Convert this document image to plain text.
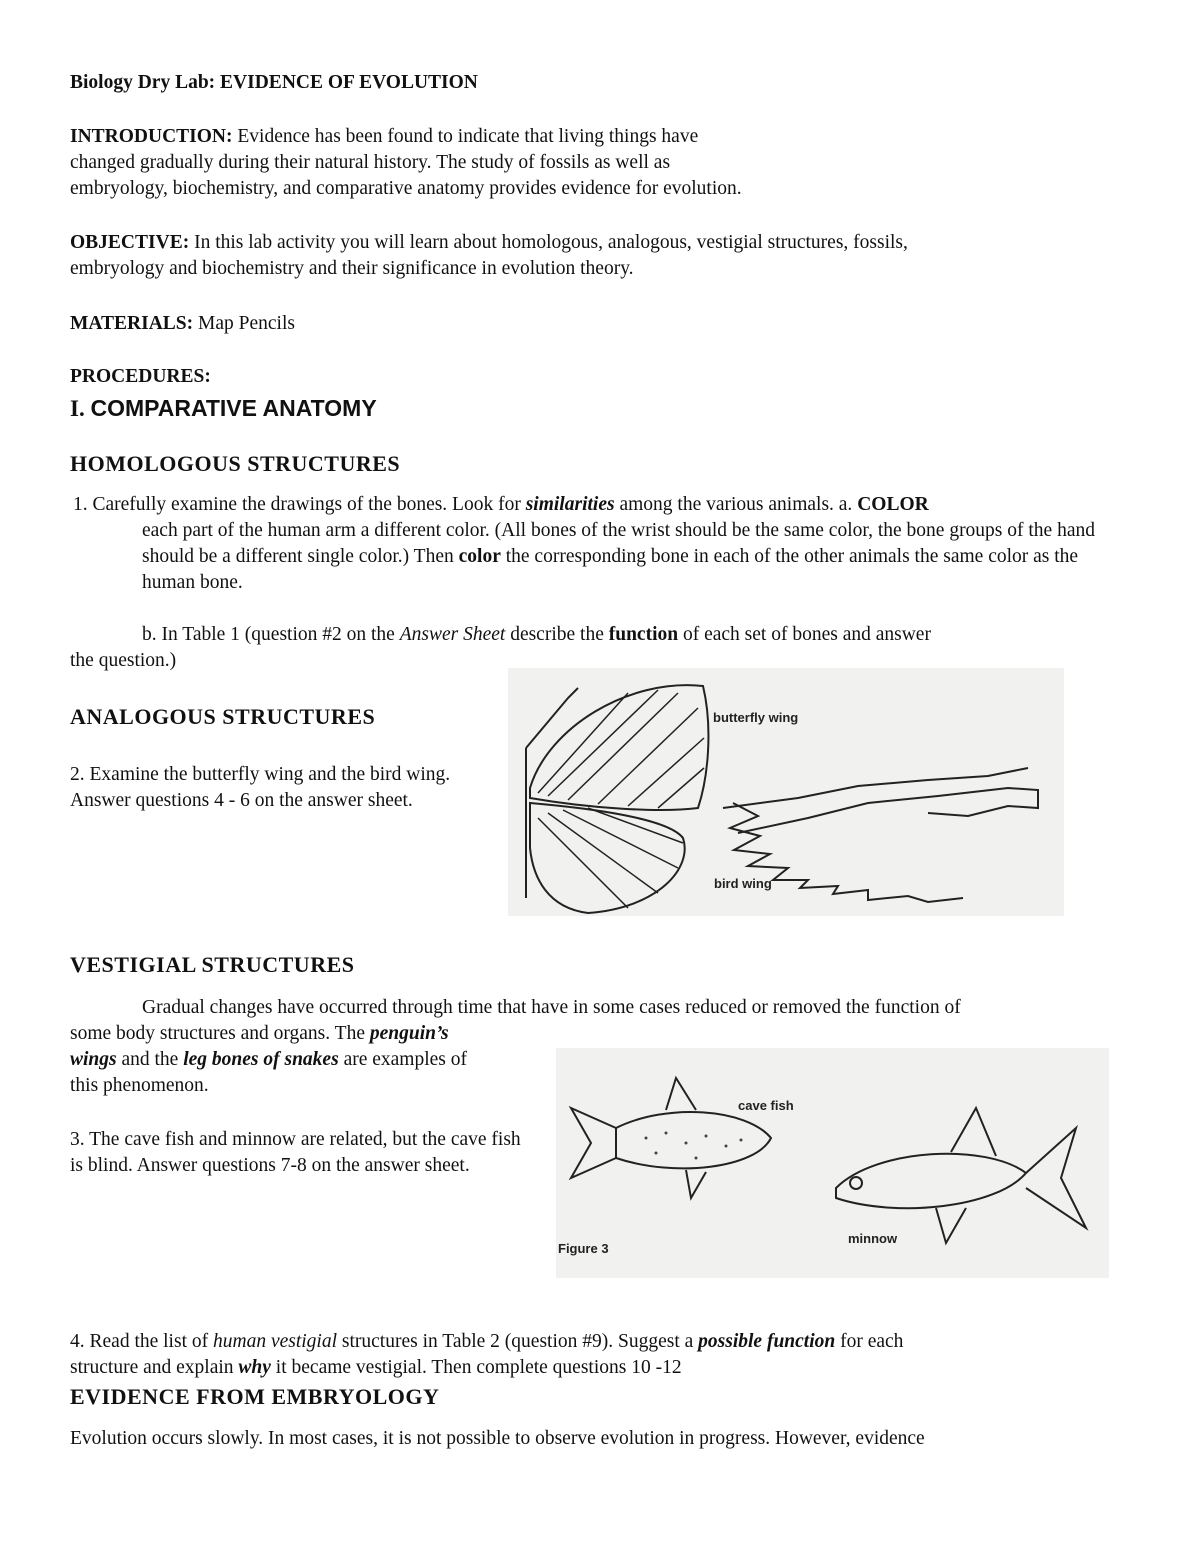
Biology Dry Lab: EVIDENCE OF EVOLUTION

INTRODUCTION: Evidence has been found to indicate that living things have
changed gradually during their natural history. The study of fossils as well as
embryology, biochemistry, and comparative anatomy provides evidence for evolution.
OBJECTIVE: In this lab activity you will learn about homologous, analogous, vestigial structures, fossils,
embryology and biochemistry and their significance in evolution theory.
MATERIALS: Map Pencils
PROCEDURES:
I. COMPARATIVE ANATOMY
HOMOLOGOUS STRUCTURES
1. Carefully examine the drawings of the bones. Look for similarities among the various animals. a. COLOR
each part of the human arm a different color. (All bones of the wrist should be the same color, the bone groups of the hand should be a different single color.) Then color the corresponding bone in each of the other animals the same color as the human bone.
b. In Table 1 (question #2 on the Answer Sheet describe the function of each set of bones and answer
the question.)
ANALOGOUS STRUCTURES
2. Examine the butterfly wing and the bird wing. Answer questions 4 - 6 on the answer sheet.
butterfly wing
bird wing
VESTIGIAL STRUCTURES
Gradual changes have occurred through time that have in some cases reduced or removed the function of
some body structures and organs. The penguin’s
wings and the leg bones of snakes are examples of
this phenomenon.
3. The cave fish and minnow are related, but the cave fish is blind. Answer questions 7-8 on the answer sheet.
cave fish
minnow
Figure 3
4. Read the list of human vestigial structures in Table 2 (question #9). Suggest a possible function for each
structure and explain why it became vestigial. Then complete questions 10 -12
EVIDENCE FROM EMBRYOLOGY
Evolution occurs slowly. In most cases, it is not possible to observe evolution in progress. However, evidence
